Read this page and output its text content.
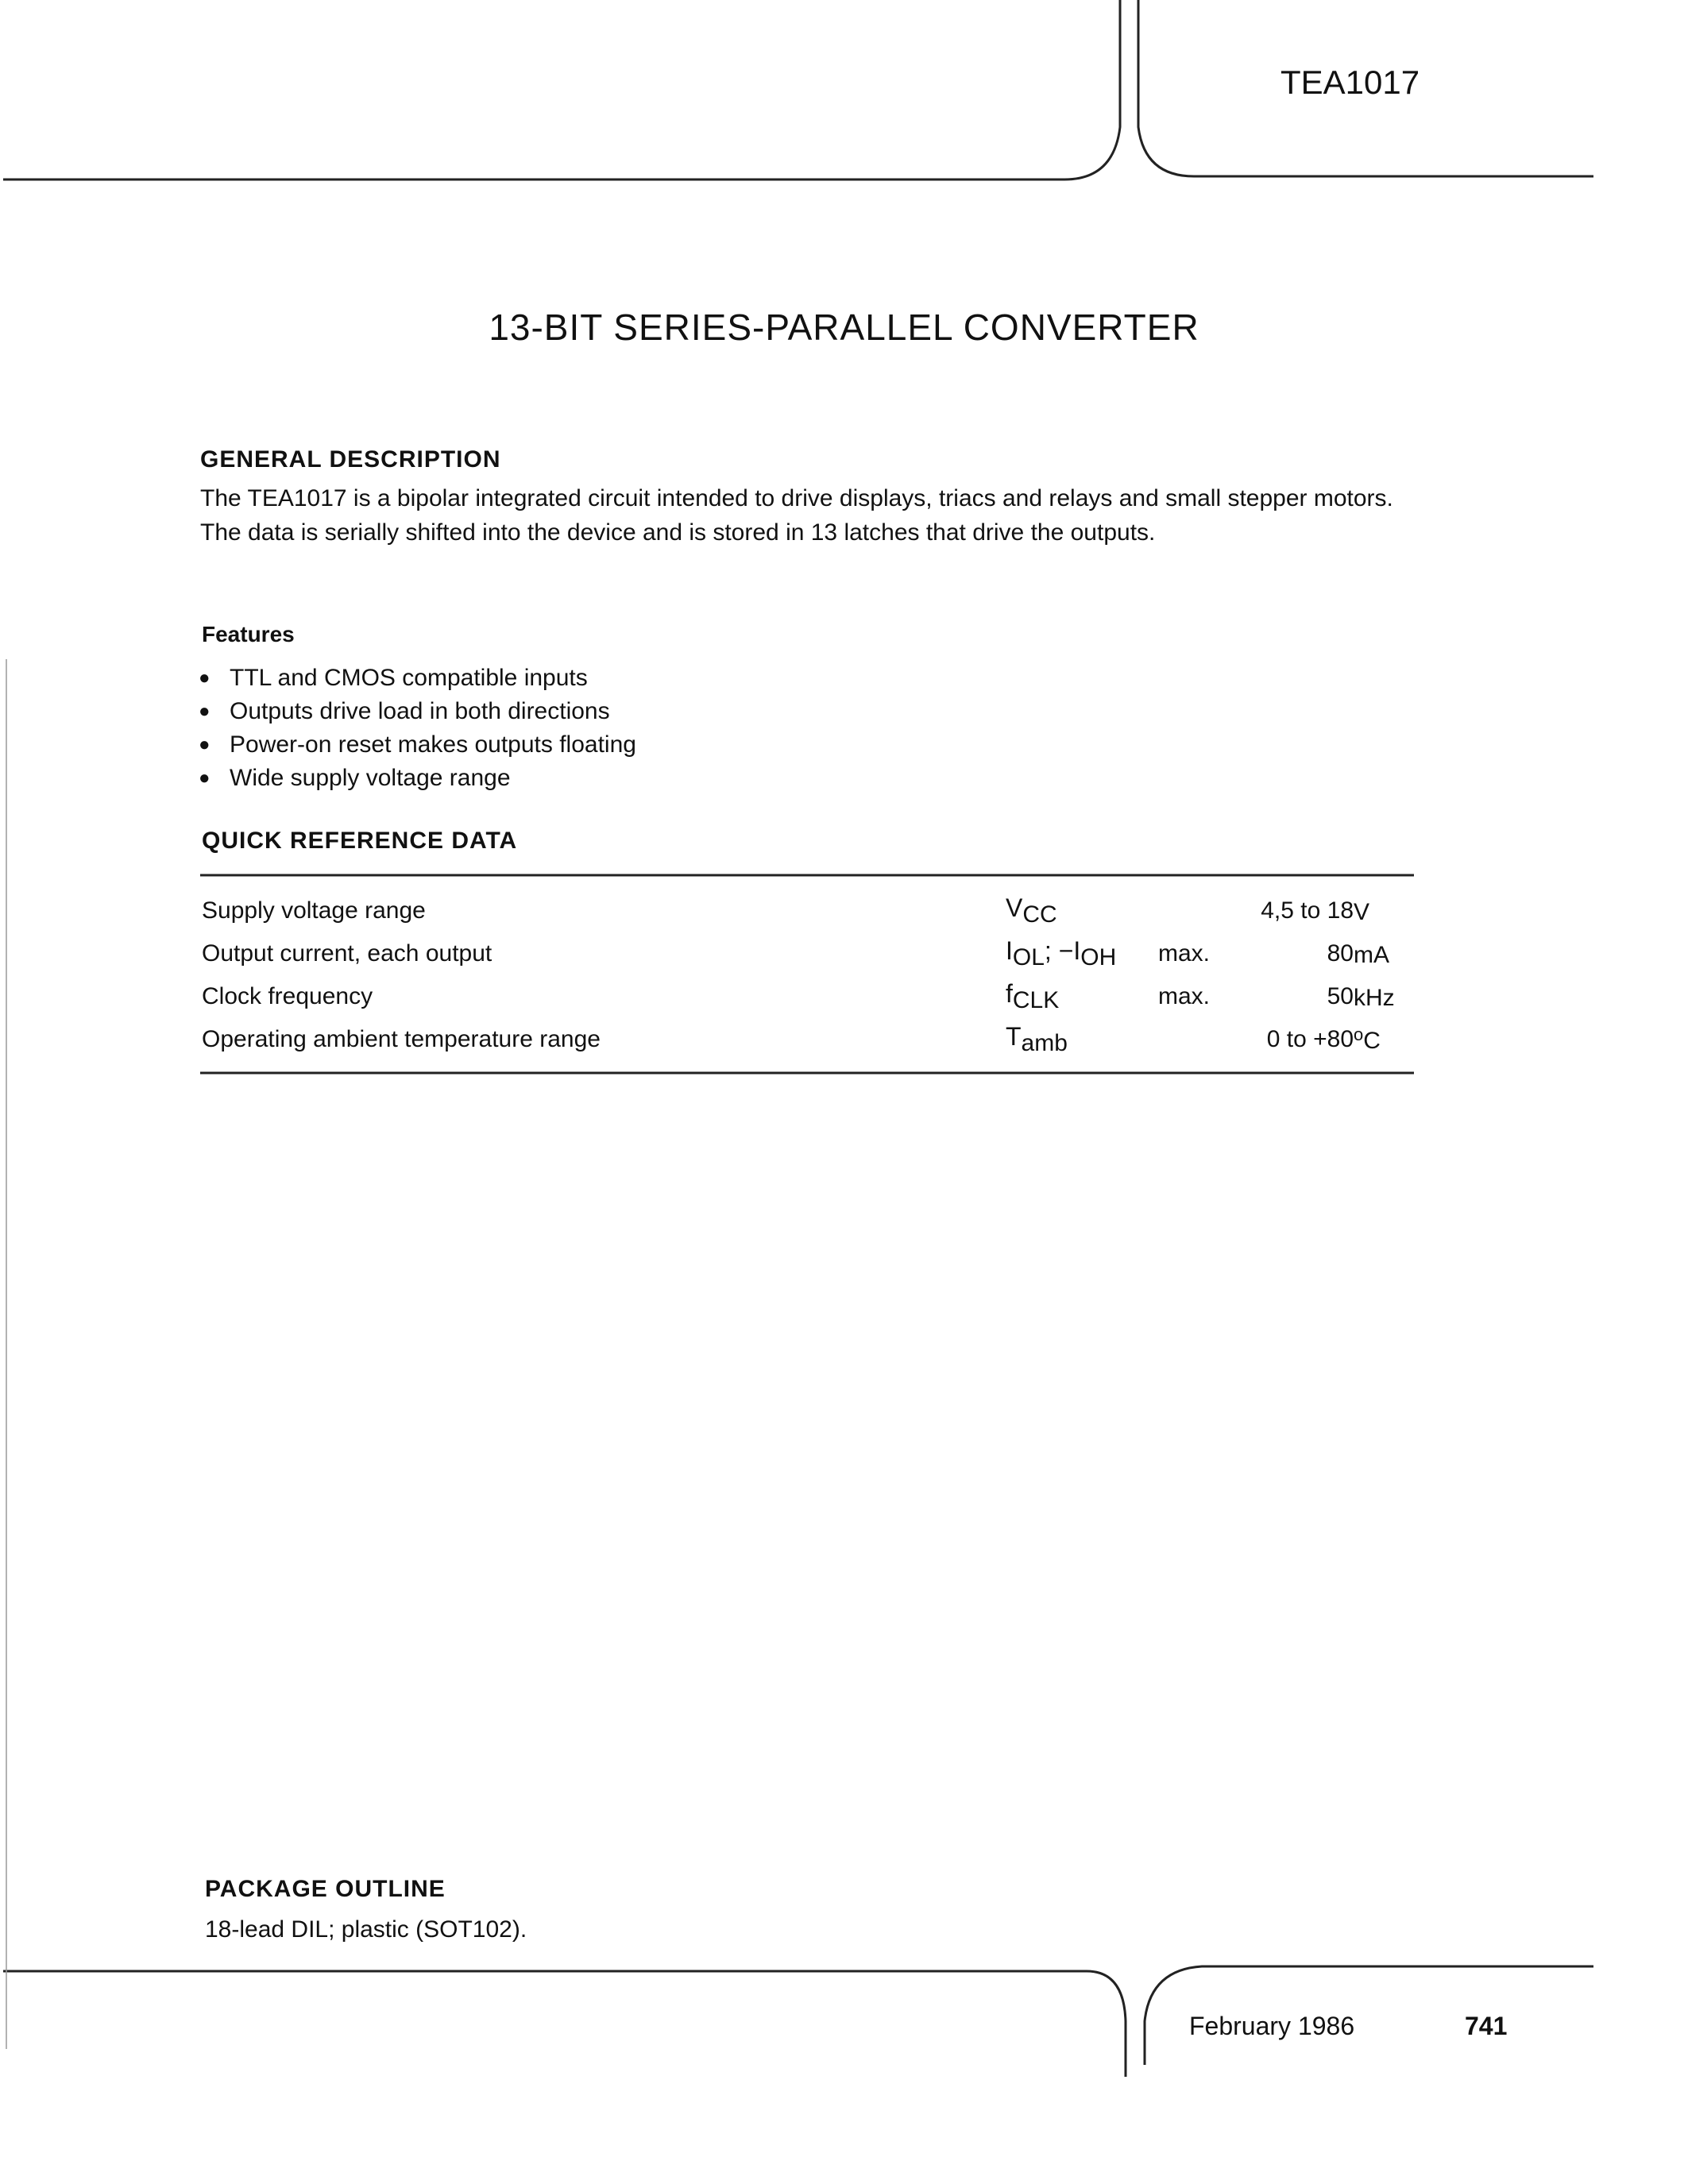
TEA1017
13-BIT SERIES-PARALLEL CONVERTER
GENERAL DESCRIPTION
The TEA1017 is a bipolar integrated circuit intended to drive displays, triacs and relays and small stepper motors. The data is serially shifted into the device and is stored in 13 latches that drive the outputs.
Features
● TTL and CMOS compatible inputs
● Outputs drive load in both directions
● Power-on reset makes outputs floating
● Wide supply voltage range
QUICK REFERENCE DATA
Supply voltage range	$V_{CC}$		4,5 to 18	V
Output current, each output	$I_{OL}$; $-I_{OH}$	max.	80	mA
Clock frequency	$f_{CLK}$	max.	50	kHz
Operating ambient temperature range	$T_{amb}$		0 to +80	$^o$C
PACKAGE OUTLINE
18-lead DIL; plastic (SOT102).
February 1986	741
